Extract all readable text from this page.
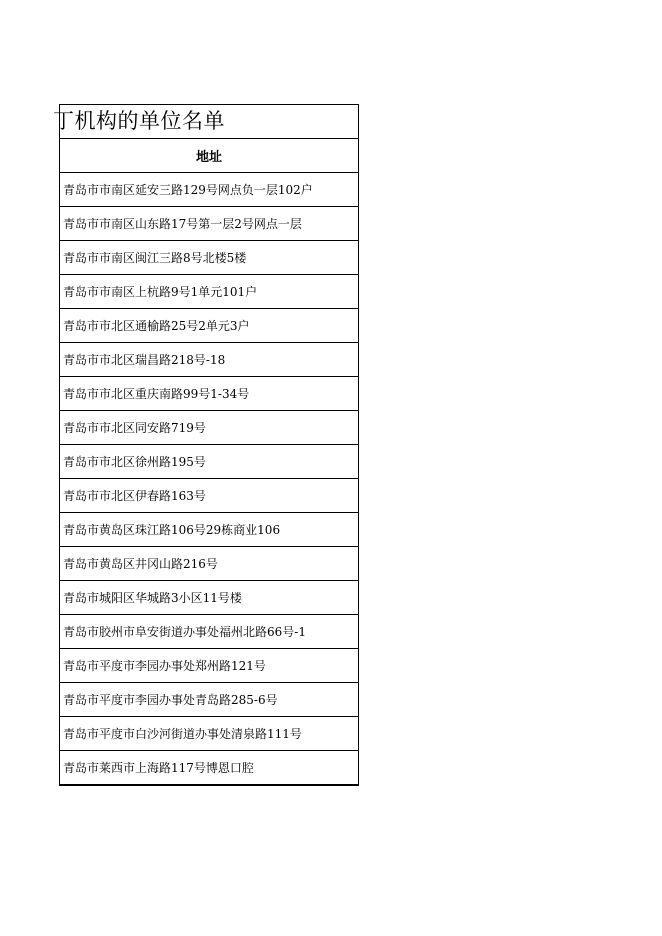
丁机构的单位名单
地址
青岛市市南区延安三路129号网点负一层102户
青岛市市南区山东路17号第一层2号网点一层
青岛市市南区闽江三路8号北楼5楼
青岛市市南区上杭路9号1单元101户
青岛市市北区通榆路25号2单元3户
青岛市市北区瑞昌路218号-18
青岛市市北区重庆南路99号1-34号
青岛市市北区同安路719号
青岛市市北区徐州路195号
青岛市市北区伊春路163号
青岛市黄岛区珠江路106号29栋商业106
青岛市黄岛区井冈山路216号
青岛市城阳区华城路3小区11号楼
青岛市胶州市阜安街道办事处福州北路66号-1
青岛市平度市李园办事处郑州路121号
青岛市平度市李园办事处青岛路285-6号
青岛市平度市白沙河街道办事处清泉路111号
青岛市莱西市上海路117号博恩口腔
